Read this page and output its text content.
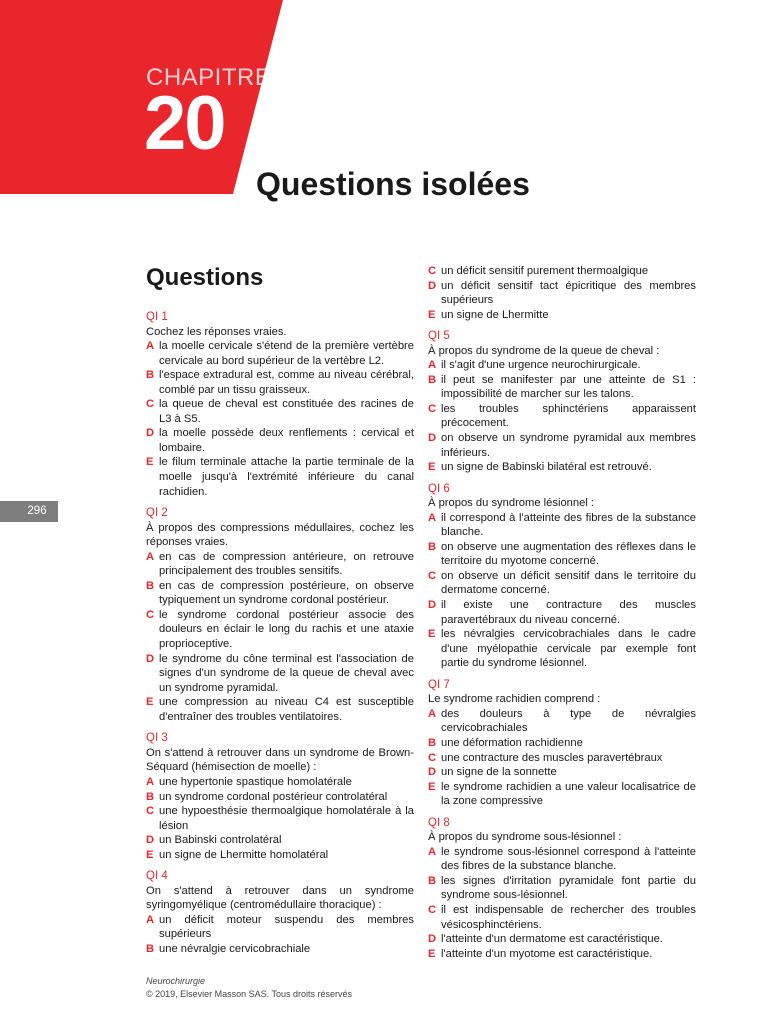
CHAPITRE
20
Questions isolées
Questions
296
QI 1
Cochez les réponses vraies.
A la moelle cervicale s'étend de la première vertèbre cervicale au bord supérieur de la vertèbre L2.
B l'espace extradural est, comme au niveau cérébral, comblé par un tissu graisseux.
C la queue de cheval est constituée des racines de L3 à S5.
D la moelle possède deux renflements : cervical et lombaire.
E le filum terminale attache la partie terminale de la moelle jusqu'à l'extrémité inférieure du canal rachidien.
QI 2
À propos des compressions médullaires, cochez les réponses vraies.
A en cas de compression antérieure, on retrouve principalement des troubles sensitifs.
B en cas de compression postérieure, on observe typiquement un syndrome cordonal postérieur.
C le syndrome cordonal postérieur associe des douleurs en éclair le long du rachis et une ataxie proprioceptive.
D le syndrome du cône terminal est l'association de signes d'un syndrome de la queue de cheval avec un syndrome pyramidal.
E une compression au niveau C4 est susceptible d'entraîner des troubles ventilatoires.
QI 3
On s'attend à retrouver dans un syndrome de Brown-Séquard (hémisection de moelle) :
A une hypertonie spastique homolatérale
B un syndrome cordonal postérieur controlatéral
C une hypoesthésie thermoalgique homolatérale à la lésion
D un Babinski controlatéral
E un signe de Lhermitte homolatéral
QI 4
On s'attend à retrouver dans un syndrome syringomyélique (centromédullaire thoracique) :
A un déficit moteur suspendu des membres supérieurs
B une névralgie cervicobrachiale
C un déficit sensitif purement thermoalgique
D un déficit sensitif tact épicritique des membres supérieurs
E un signe de Lhermitte
QI 5
À propos du syndrome de la queue de cheval :
A il s'agit d'une urgence neurochirurgicale.
B il peut se manifester par une atteinte de S1 : impossibilité de marcher sur les talons.
C les troubles sphinctériens apparaissent précocement.
D on observe un syndrome pyramidal aux membres inférieurs.
E un signe de Babinski bilatéral est retrouvé.
QI 6
À propos du syndrome lésionnel :
A il correspond à l'atteinte des fibres de la substance blanche.
B on observe une augmentation des réflexes dans le territoire du myotome concerné.
C on observe un déficit sensitif dans le territoire du dermatome concerné.
D il existe une contracture des muscles paravertébraux du niveau concerné.
E les névralgies cervicobrachiales dans le cadre d'une myélopathie cervicale par exemple font partie du syndrome lésionnel.
QI 7
Le syndrome rachidien comprend :
A des douleurs à type de névralgies cervicobrachiales
B une déformation rachidienne
C une contracture des muscles paravertébraux
D un signe de la sonnette
E le syndrome rachidien a une valeur localisatrice de la zone compressive
QI 8
À propos du syndrome sous-lésionnel :
A le syndrome sous-lésionnel correspond à l'atteinte des fibres de la substance blanche.
B les signes d'irritation pyramidale font partie du syndrome sous-lésionnel.
C il est indispensable de rechercher des troubles vésicosphinctériens.
D l'atteinte d'un dermatome est caractéristique.
E l'atteinte d'un myotome est caractéristique.
Neurochirurgie
© 2019, Elsevier Masson SAS. Tous droits réservés
